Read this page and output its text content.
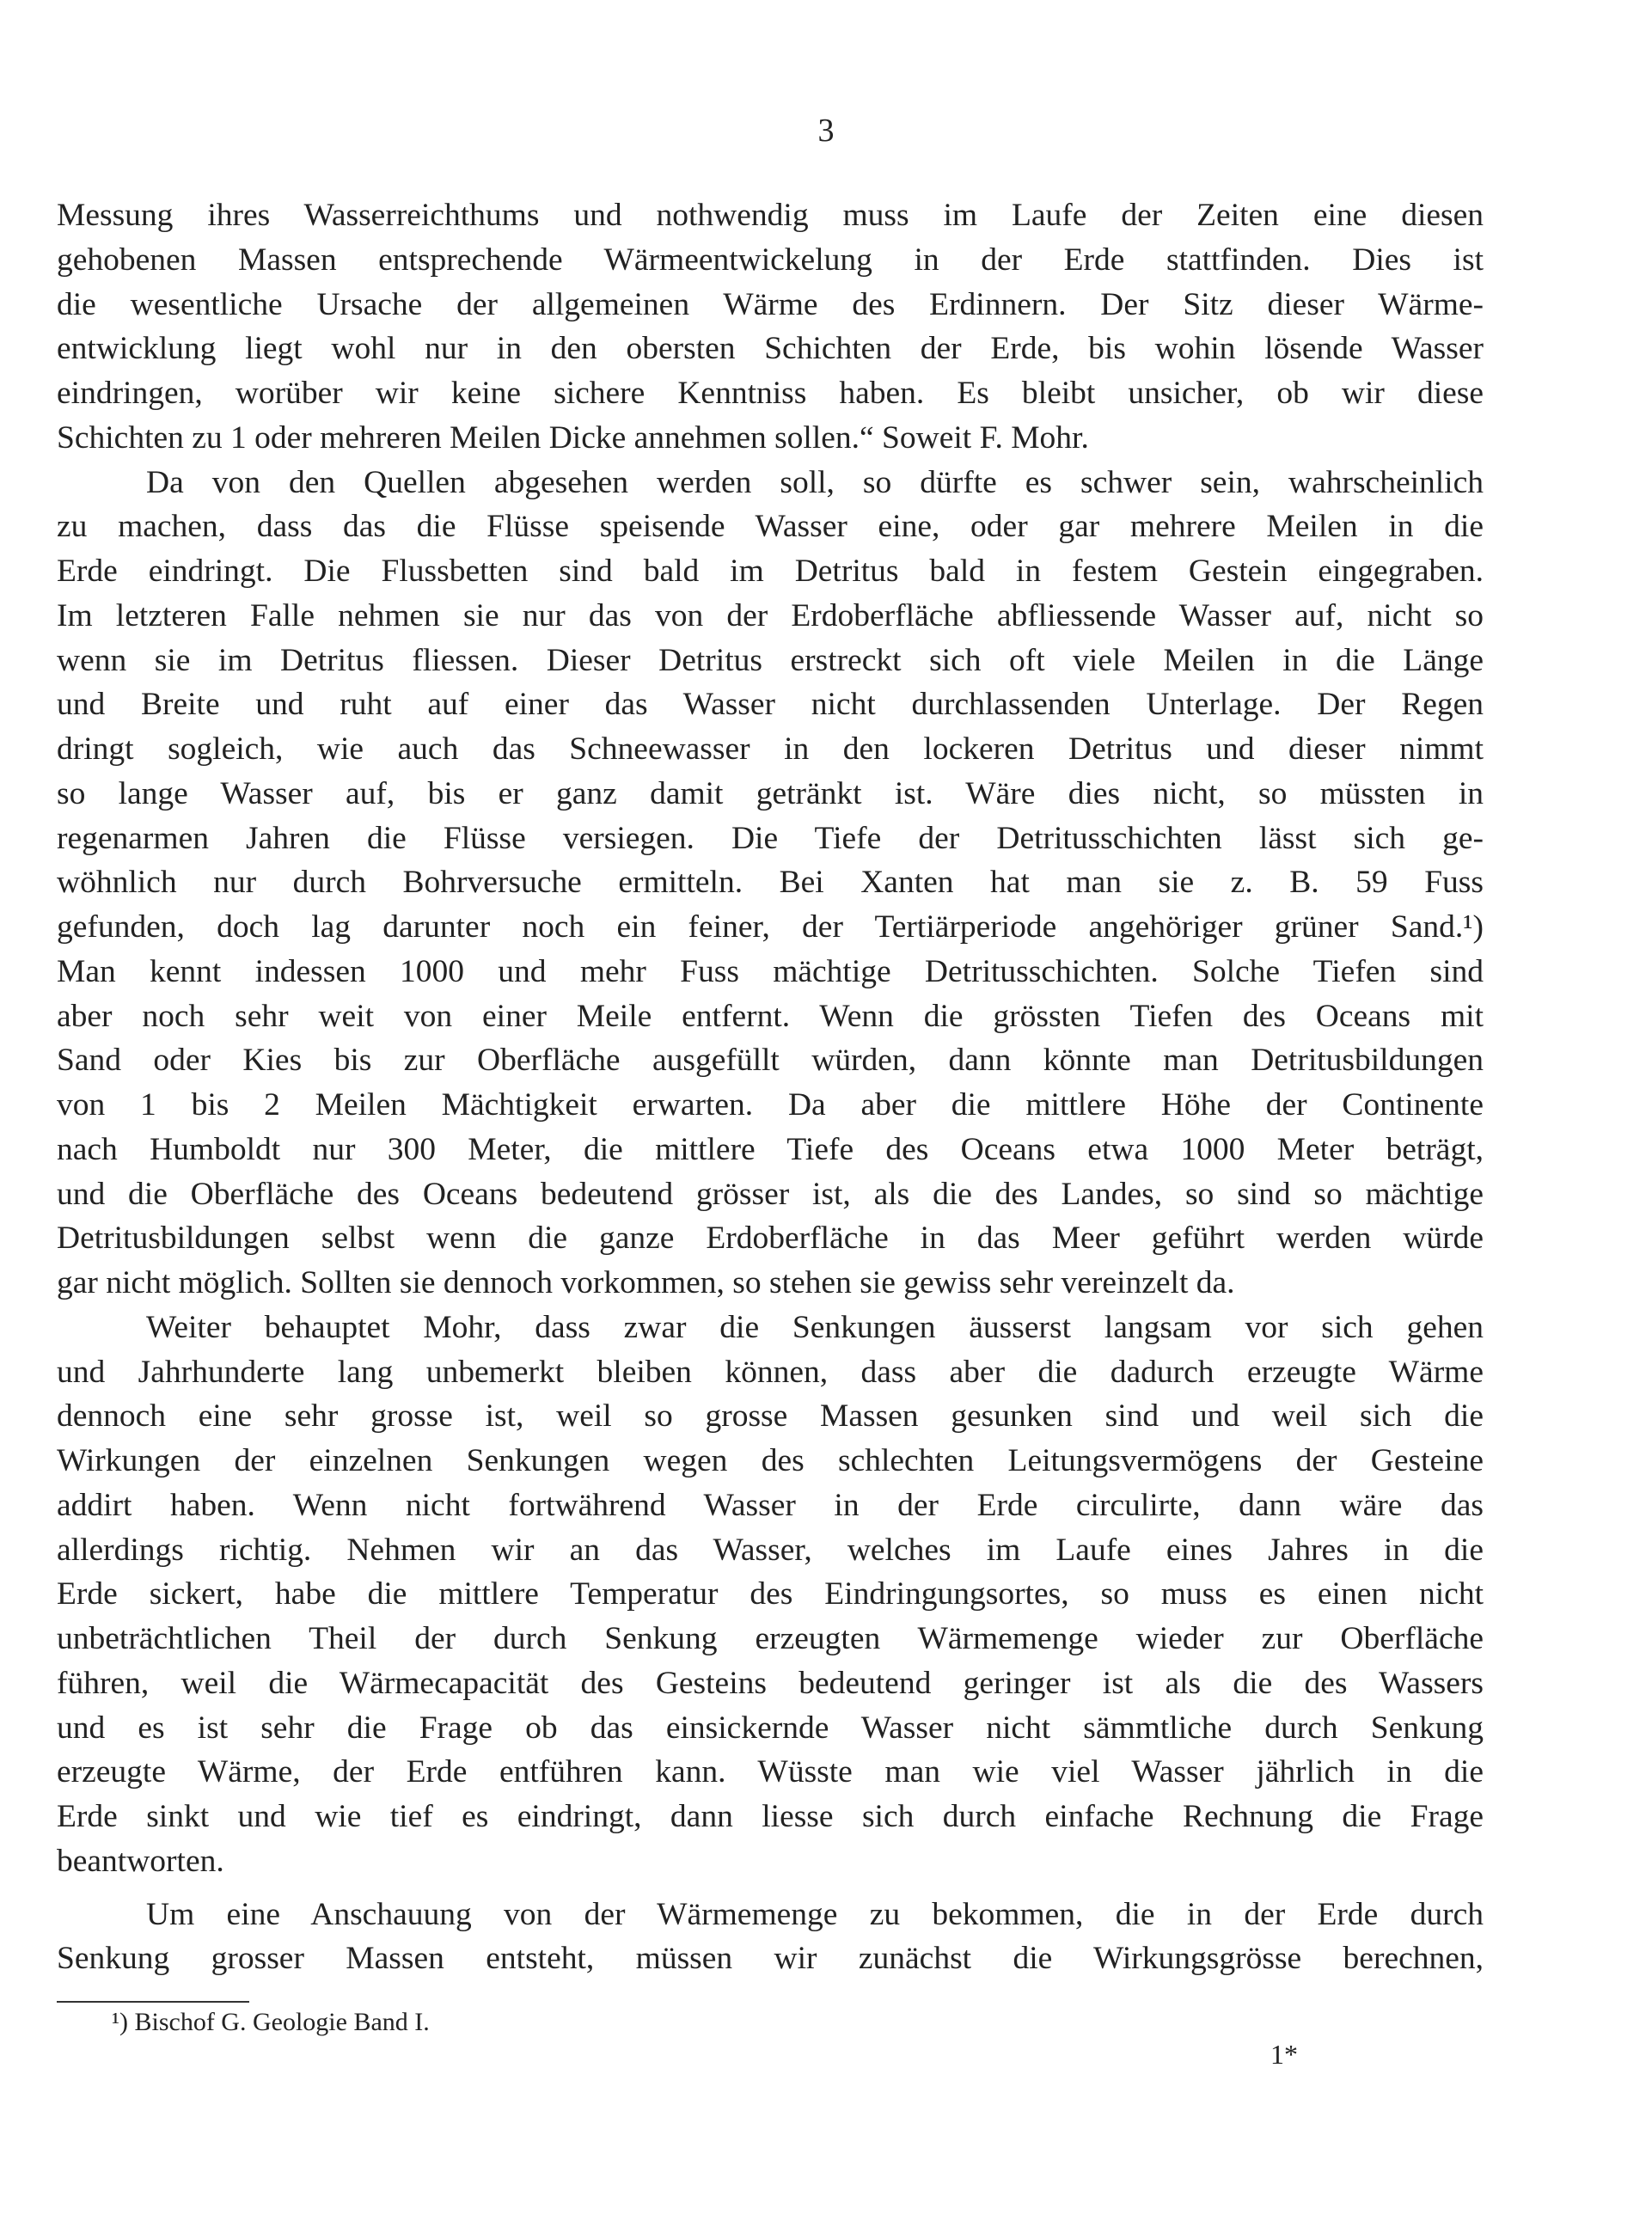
3

Messung ihres Wasserreichthums und nothwendig muss im Laufe der Zeiten eine diesen
gehobenen Massen entsprechende Wärmeentwickelung in der Erde stattfinden. Dies ist
die wesentliche Ursache der allgemeinen Wärme des Erdinnern. Der Sitz dieser Wärme-
entwicklung liegt wohl nur in den obersten Schichten der Erde, bis wohin lösende Wasser
eindringen, worüber wir keine sichere Kenntniss haben. Es bleibt unsicher, ob wir diese
Schichten zu 1 oder mehreren Meilen Dicke annehmen sollen.“ Soweit F. Mohr.

Da von den Quellen abgesehen werden soll, so dürfte es schwer sein, wahrscheinlich
zu machen, dass das die Flüsse speisende Wasser eine, oder gar mehrere Meilen in die
Erde eindringt. Die Flussbetten sind bald im Detritus bald in festem Gestein eingegraben.
Im letzteren Falle nehmen sie nur das von der Erdoberfläche abfliessende Wasser auf, nicht so
wenn sie im Detritus fliessen. Dieser Detritus erstreckt sich oft viele Meilen in die Länge
und Breite und ruht auf einer das Wasser nicht durchlassenden Unterlage. Der Regen
dringt sogleich, wie auch das Schneewasser in den lockeren Detritus und dieser nimmt
so lange Wasser auf, bis er ganz damit getränkt ist. Wäre dies nicht, so müssten in
regenarmen Jahren die Flüsse versiegen. Die Tiefe der Detritusschichten lässt sich ge-
wöhnlich nur durch Bohrversuche ermitteln. Bei Xanten hat man sie z. B. 59 Fuss
gefunden, doch lag darunter noch ein feiner, der Tertiärperiode angehöriger grüner Sand.¹)
Man kennt indessen 1000 und mehr Fuss mächtige Detritusschichten. Solche Tiefen sind
aber noch sehr weit von einer Meile entfernt. Wenn die grössten Tiefen des Oceans mit
Sand oder Kies bis zur Oberfläche ausgefüllt würden, dann könnte man Detritusbildungen
von 1 bis 2 Meilen Mächtigkeit erwarten. Da aber die mittlere Höhe der Continente
nach Humboldt nur 300 Meter, die mittlere Tiefe des Oceans etwa 1000 Meter beträgt,
und die Oberfläche des Oceans bedeutend grösser ist, als die des Landes, so sind so mächtige
Detritusbildungen selbst wenn die ganze Erdoberfläche in das Meer geführt werden würde
gar nicht möglich. Sollten sie dennoch vorkommen, so stehen sie gewiss sehr vereinzelt da.

Weiter behauptet Mohr, dass zwar die Senkungen äusserst langsam vor sich gehen
und Jahrhunderte lang unbemerkt bleiben können, dass aber die dadurch erzeugte Wärme
dennoch eine sehr grosse ist, weil so grosse Massen gesunken sind und weil sich die
Wirkungen der einzelnen Senkungen wegen des schlechten Leitungsvermögens der Gesteine
addirt haben. Wenn nicht fortwährend Wasser in der Erde circulirte, dann wäre das
allerdings richtig. Nehmen wir an das Wasser, welches im Laufe eines Jahres in die
Erde sickert, habe die mittlere Temperatur des Eindringungsortes, so muss es einen nicht
unbeträchtlichen Theil der durch Senkung erzeugten Wärmemenge wieder zur Oberfläche
führen, weil die Wärmecapacität des Gesteins bedeutend geringer ist als die des Wassers
und es ist sehr die Frage ob das einsickernde Wasser nicht sämmtliche durch Senkung
erzeugte Wärme, der Erde entführen kann. Wüsste man wie viel Wasser jährlich in die
Erde sinkt und wie tief es eindringt, dann liesse sich durch einfache Rechnung die Frage
beantworten.

Um eine Anschauung von der Wärmemenge zu bekommen, die in der Erde durch
Senkung grosser Massen entsteht, müssen wir zunächst die Wirkungsgrösse berechnen,

¹) Bischof G. Geologie Band I.
1*
